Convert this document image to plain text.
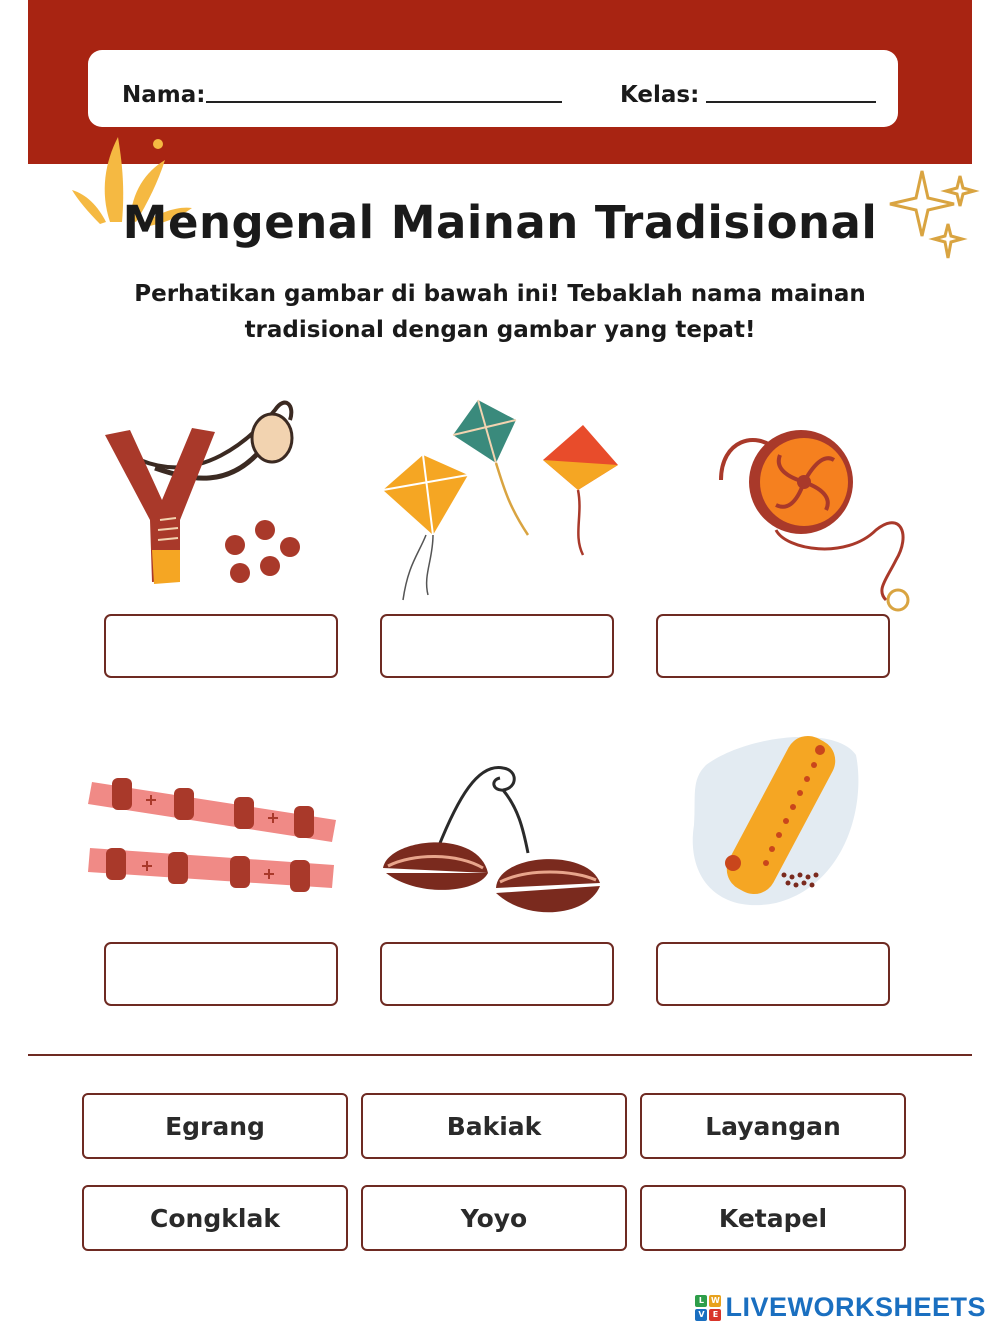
Nama:	Kelas:
Mengenal Mainan Tradisional
Perhatikan gambar di bawah ini! Tebaklah nama mainan
tradisional dengan gambar yang tepat!
Egrang	Bakiak	Layangan
Congklak	Yoyo	Ketapel
L W
V	E LIVEWORKSHEETS
